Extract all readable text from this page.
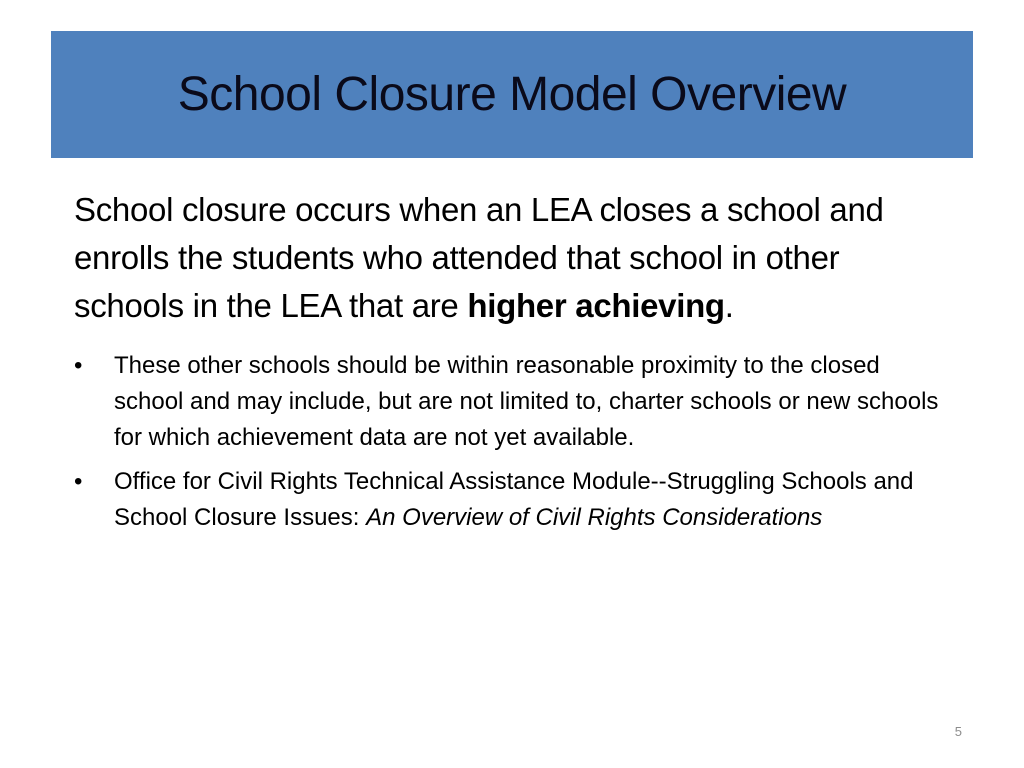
School Closure Model Overview

School closure occurs when an LEA closes a school and enrolls the students who attended that school in other schools in the LEA that are higher achieving.

•	These other schools should be within reasonable proximity to the closed school and may include, but are not limited to, charter schools or new schools for which achievement data are not yet available.
•	Office for Civil Rights Technical Assistance Module--Struggling Schools and School Closure Issues: An Overview of Civil Rights Considerations
5
